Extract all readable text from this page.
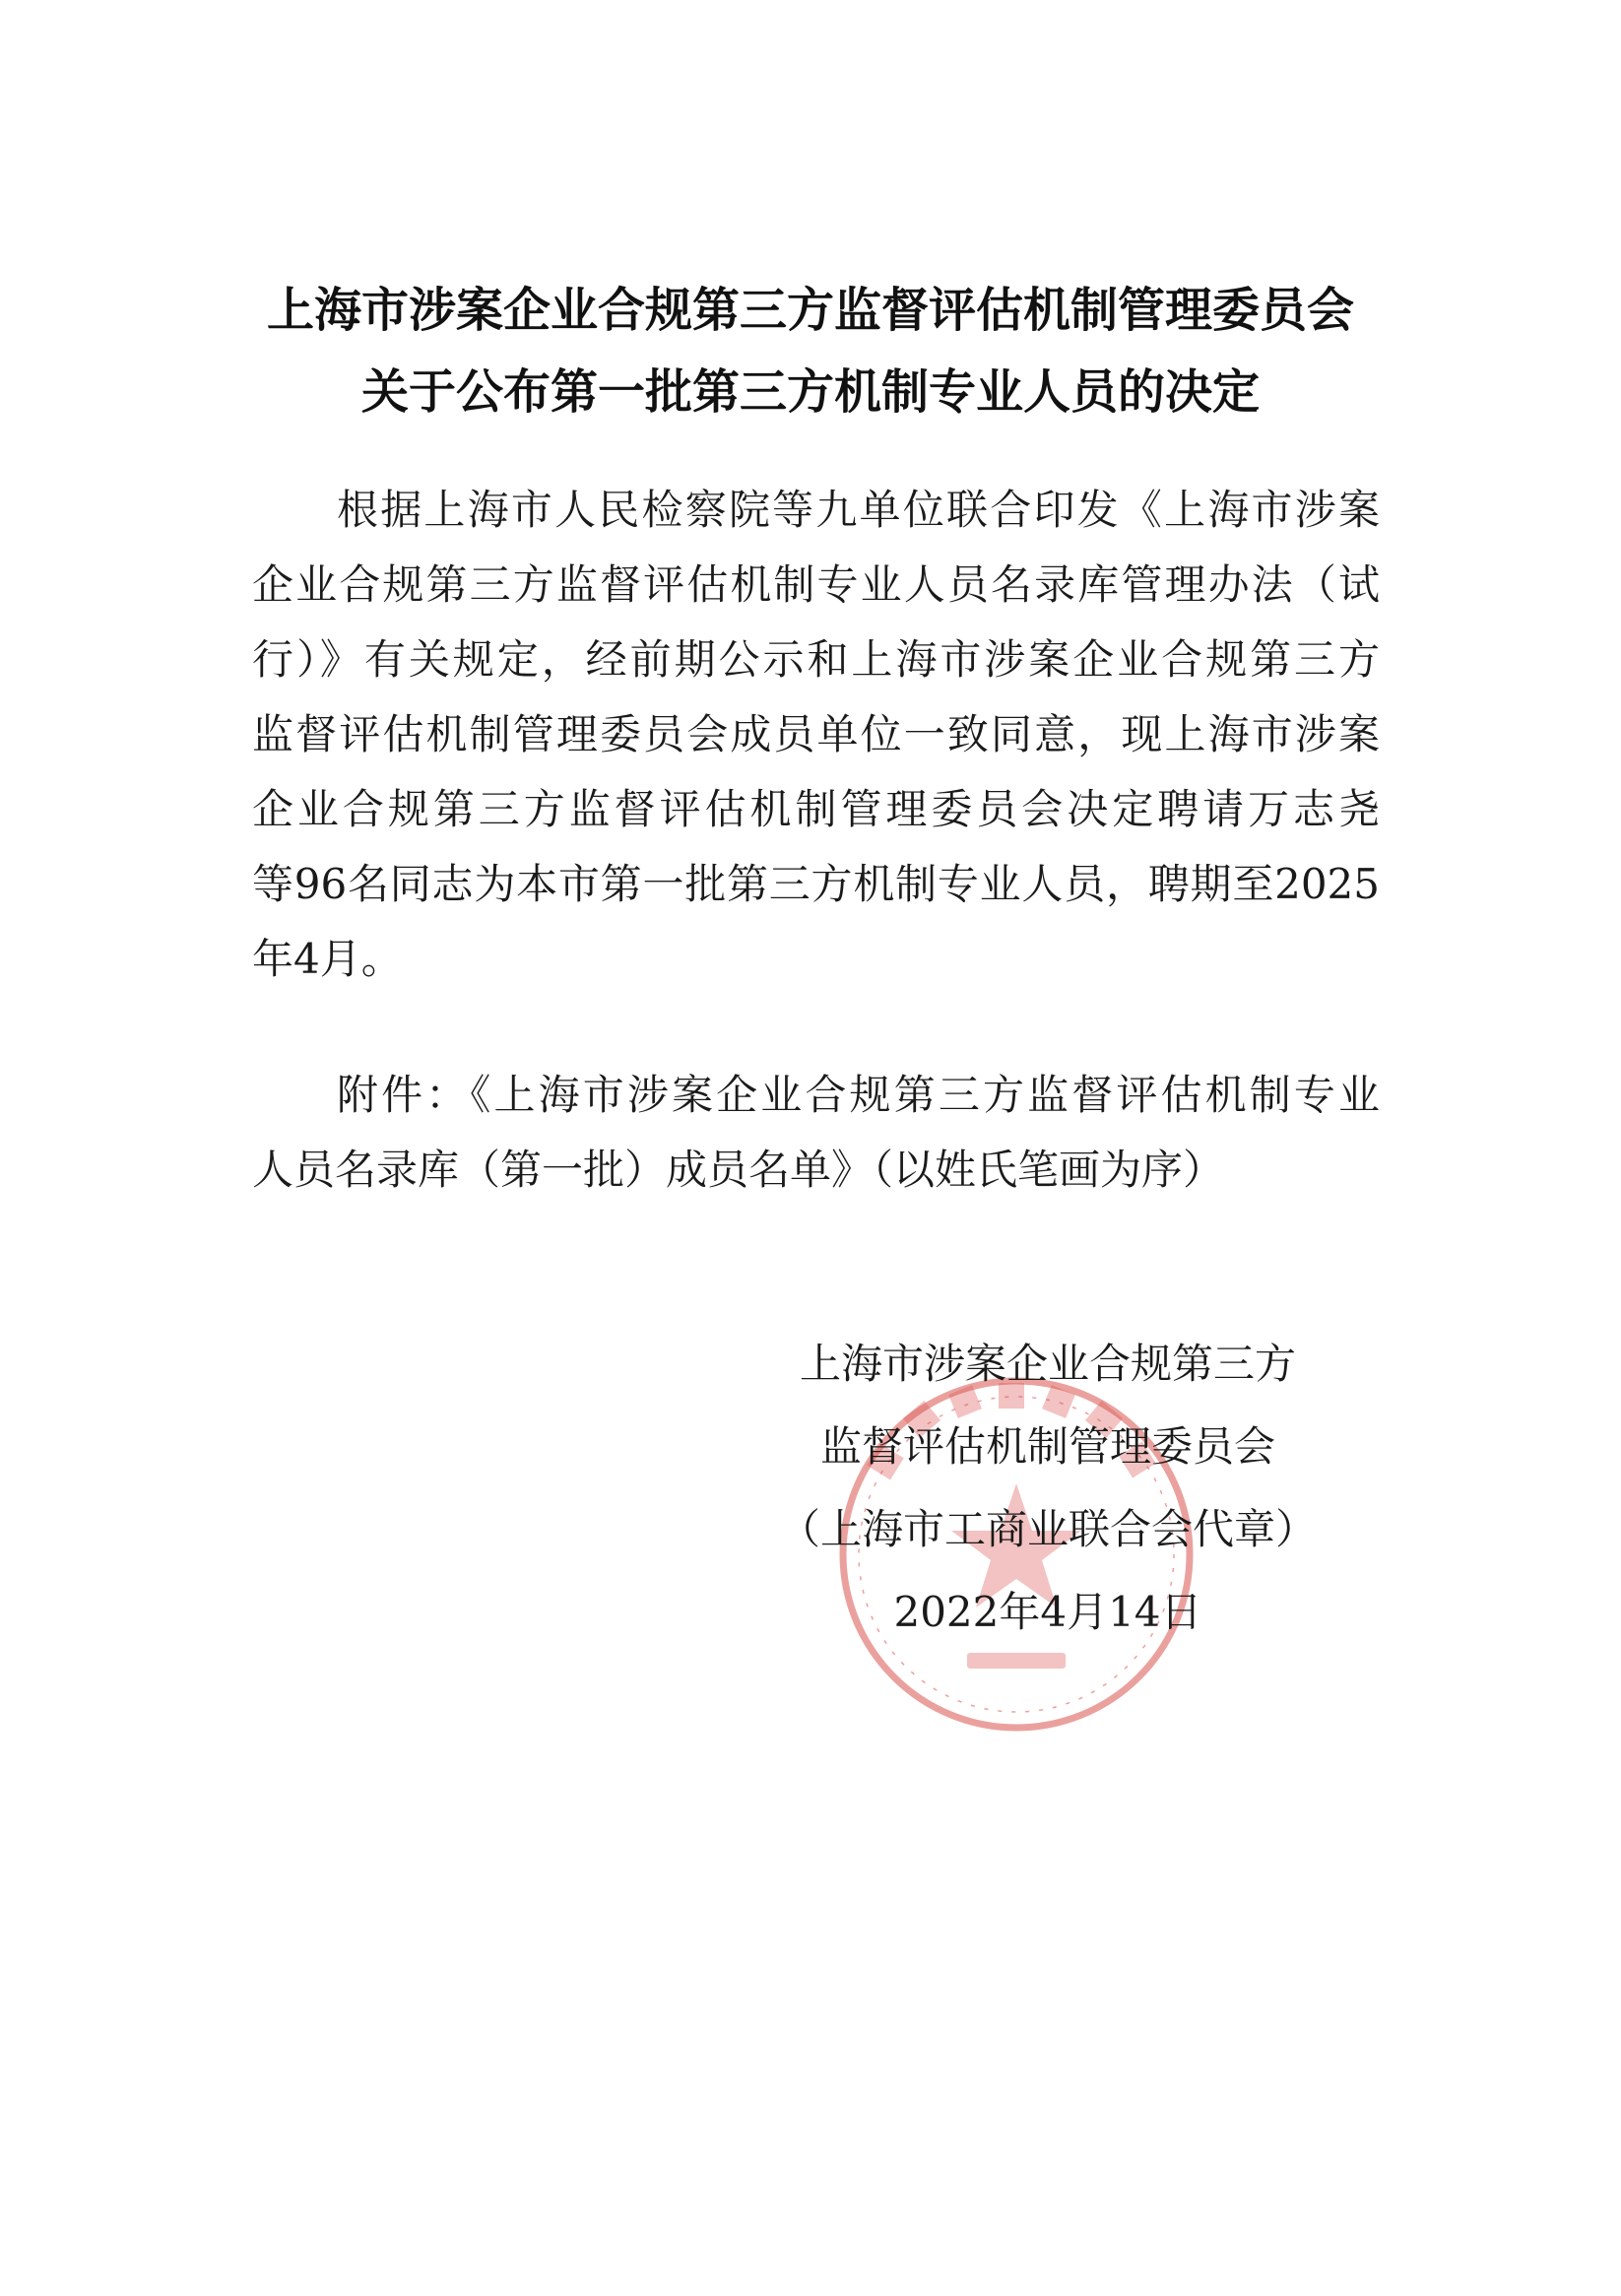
上海市涉案企业合规第三方监督评估机制管理委员会
关于公布第一批第三方机制专业人员的决定
根据上海市人民检察院等九单位联合印发《上海市涉案
企业合规第三方监督评估机制专业人员名录库管理办法（试
行）》有关规定，经前期公示和上海市涉案企业合规第三方
监督评估机制管理委员会成员单位一致同意，现上海市涉案
企业合规第三方监督评估机制管理委员会决定聘请万志尧
等96名同志为本市第一批第三方机制专业人员，聘期至2025
年4月。
附件：《上海市涉案企业合规第三方监督评估机制专业
人员名录库（第一批）成员名单》（以姓氏笔画为序）
上海市涉案企业合规第三方
监督评估机制管理委员会
（上海市工商业联合会代章）
2022年4月14日
